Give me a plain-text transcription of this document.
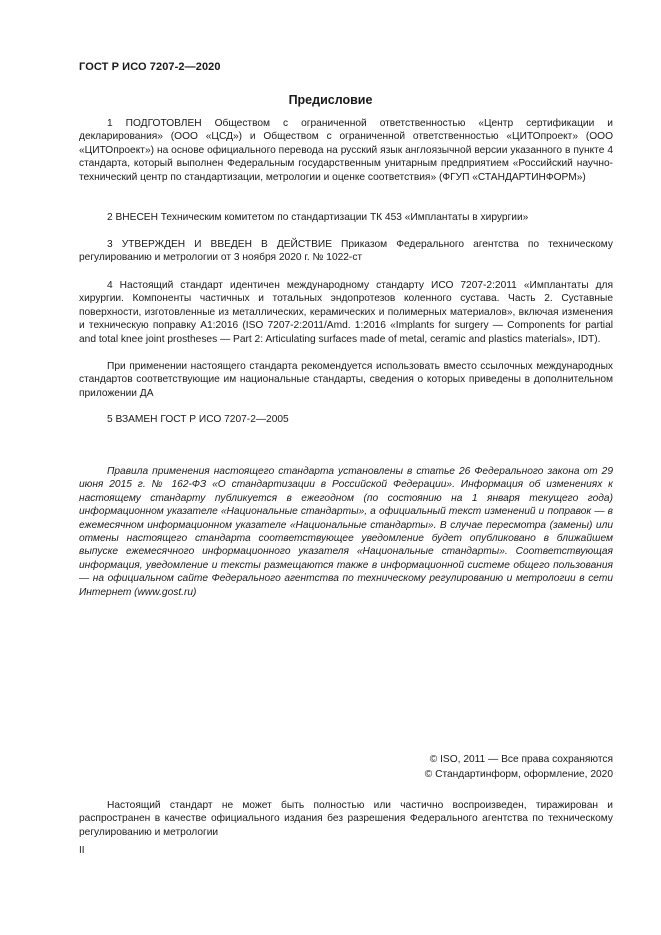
ГОСТ Р ИСО 7207-2—2020
Предисловие

1 ПОДГОТОВЛЕН Обществом с ограниченной ответственностью «Центр сертификации и декларирования» (ООО «ЦСД») и Обществом с ограниченной ответственностью «ЦИТОпроект» (ООО «ЦИТОпроект») на основе официального перевода на русский язык англоязычной версии указанного в пункте 4 стандарта, который выполнен Федеральным государственным унитарным предприятием «Российский научно-технический центр по стандартизации, метрологии и оценке соответствия» (ФГУП «СТАНДАРТИНФОРМ»)

2 ВНЕСЕН Техническим комитетом по стандартизации ТК 453 «Имплантаты в хирургии»

3 УТВЕРЖДЕН И ВВЕДЕН В ДЕЙСТВИЕ Приказом Федерального агентства по техническому регулированию и метрологии от 3 ноября 2020 г. № 1022-ст

4 Настоящий стандарт идентичен международному стандарту ИСО 7207-2:2011 «Имплантаты для хирургии. Компоненты частичных и тотальных эндопротезов коленного сустава. Часть 2. Суставные поверхности, изготовленные из металлических, керамических и полимерных материалов», включая изменения и техническую поправку A1:2016 (ISO 7207-2:2011/Amd. 1:2016 «Implants for surgery — Components for partial and total knee joint prostheses — Part 2: Articulating surfaces made of metal, ceramic and plastics materials», IDT).

При применении настоящего стандарта рекомендуется использовать вместо ссылочных международных стандартов соответствующие им национальные стандарты, сведения о которых приведены в дополнительном приложении ДА

5 ВЗАМЕН ГОСТ Р ИСО 7207-2—2005

Правила применения настоящего стандарта установлены в статье 26 Федерального закона от 29 июня 2015 г. № 162-ФЗ «О стандартизации в Российской Федерации». Информация об изменениях к настоящему стандарту публикуется в ежегодном (по состоянию на 1 января текущего года) информационном указателе «Национальные стандарты», а официальный текст изменений и поправок — в ежемесячном информационном указателе «Национальные стандарты». В случае пересмотра (замены) или отмены настоящего стандарта соответствующее уведомление будет опубликовано в ближайшем выпуске ежемесячного информационного указателя «Национальные стандарты». Соответствующая информация, уведомление и тексты размещаются также в информационной системе общего пользования — на официальном сайте Федерального агентства по техническому регулированию и метрологии в сети Интернет (www.gost.ru)

© ISO, 2011 — Все права сохраняются
© Стандартинформ, оформление, 2020

Настоящий стандарт не может быть полностью или частично воспроизведен, тиражирован и распространен в качестве официального издания без разрешения Федерального агентства по техническому регулированию и метрологии

II
